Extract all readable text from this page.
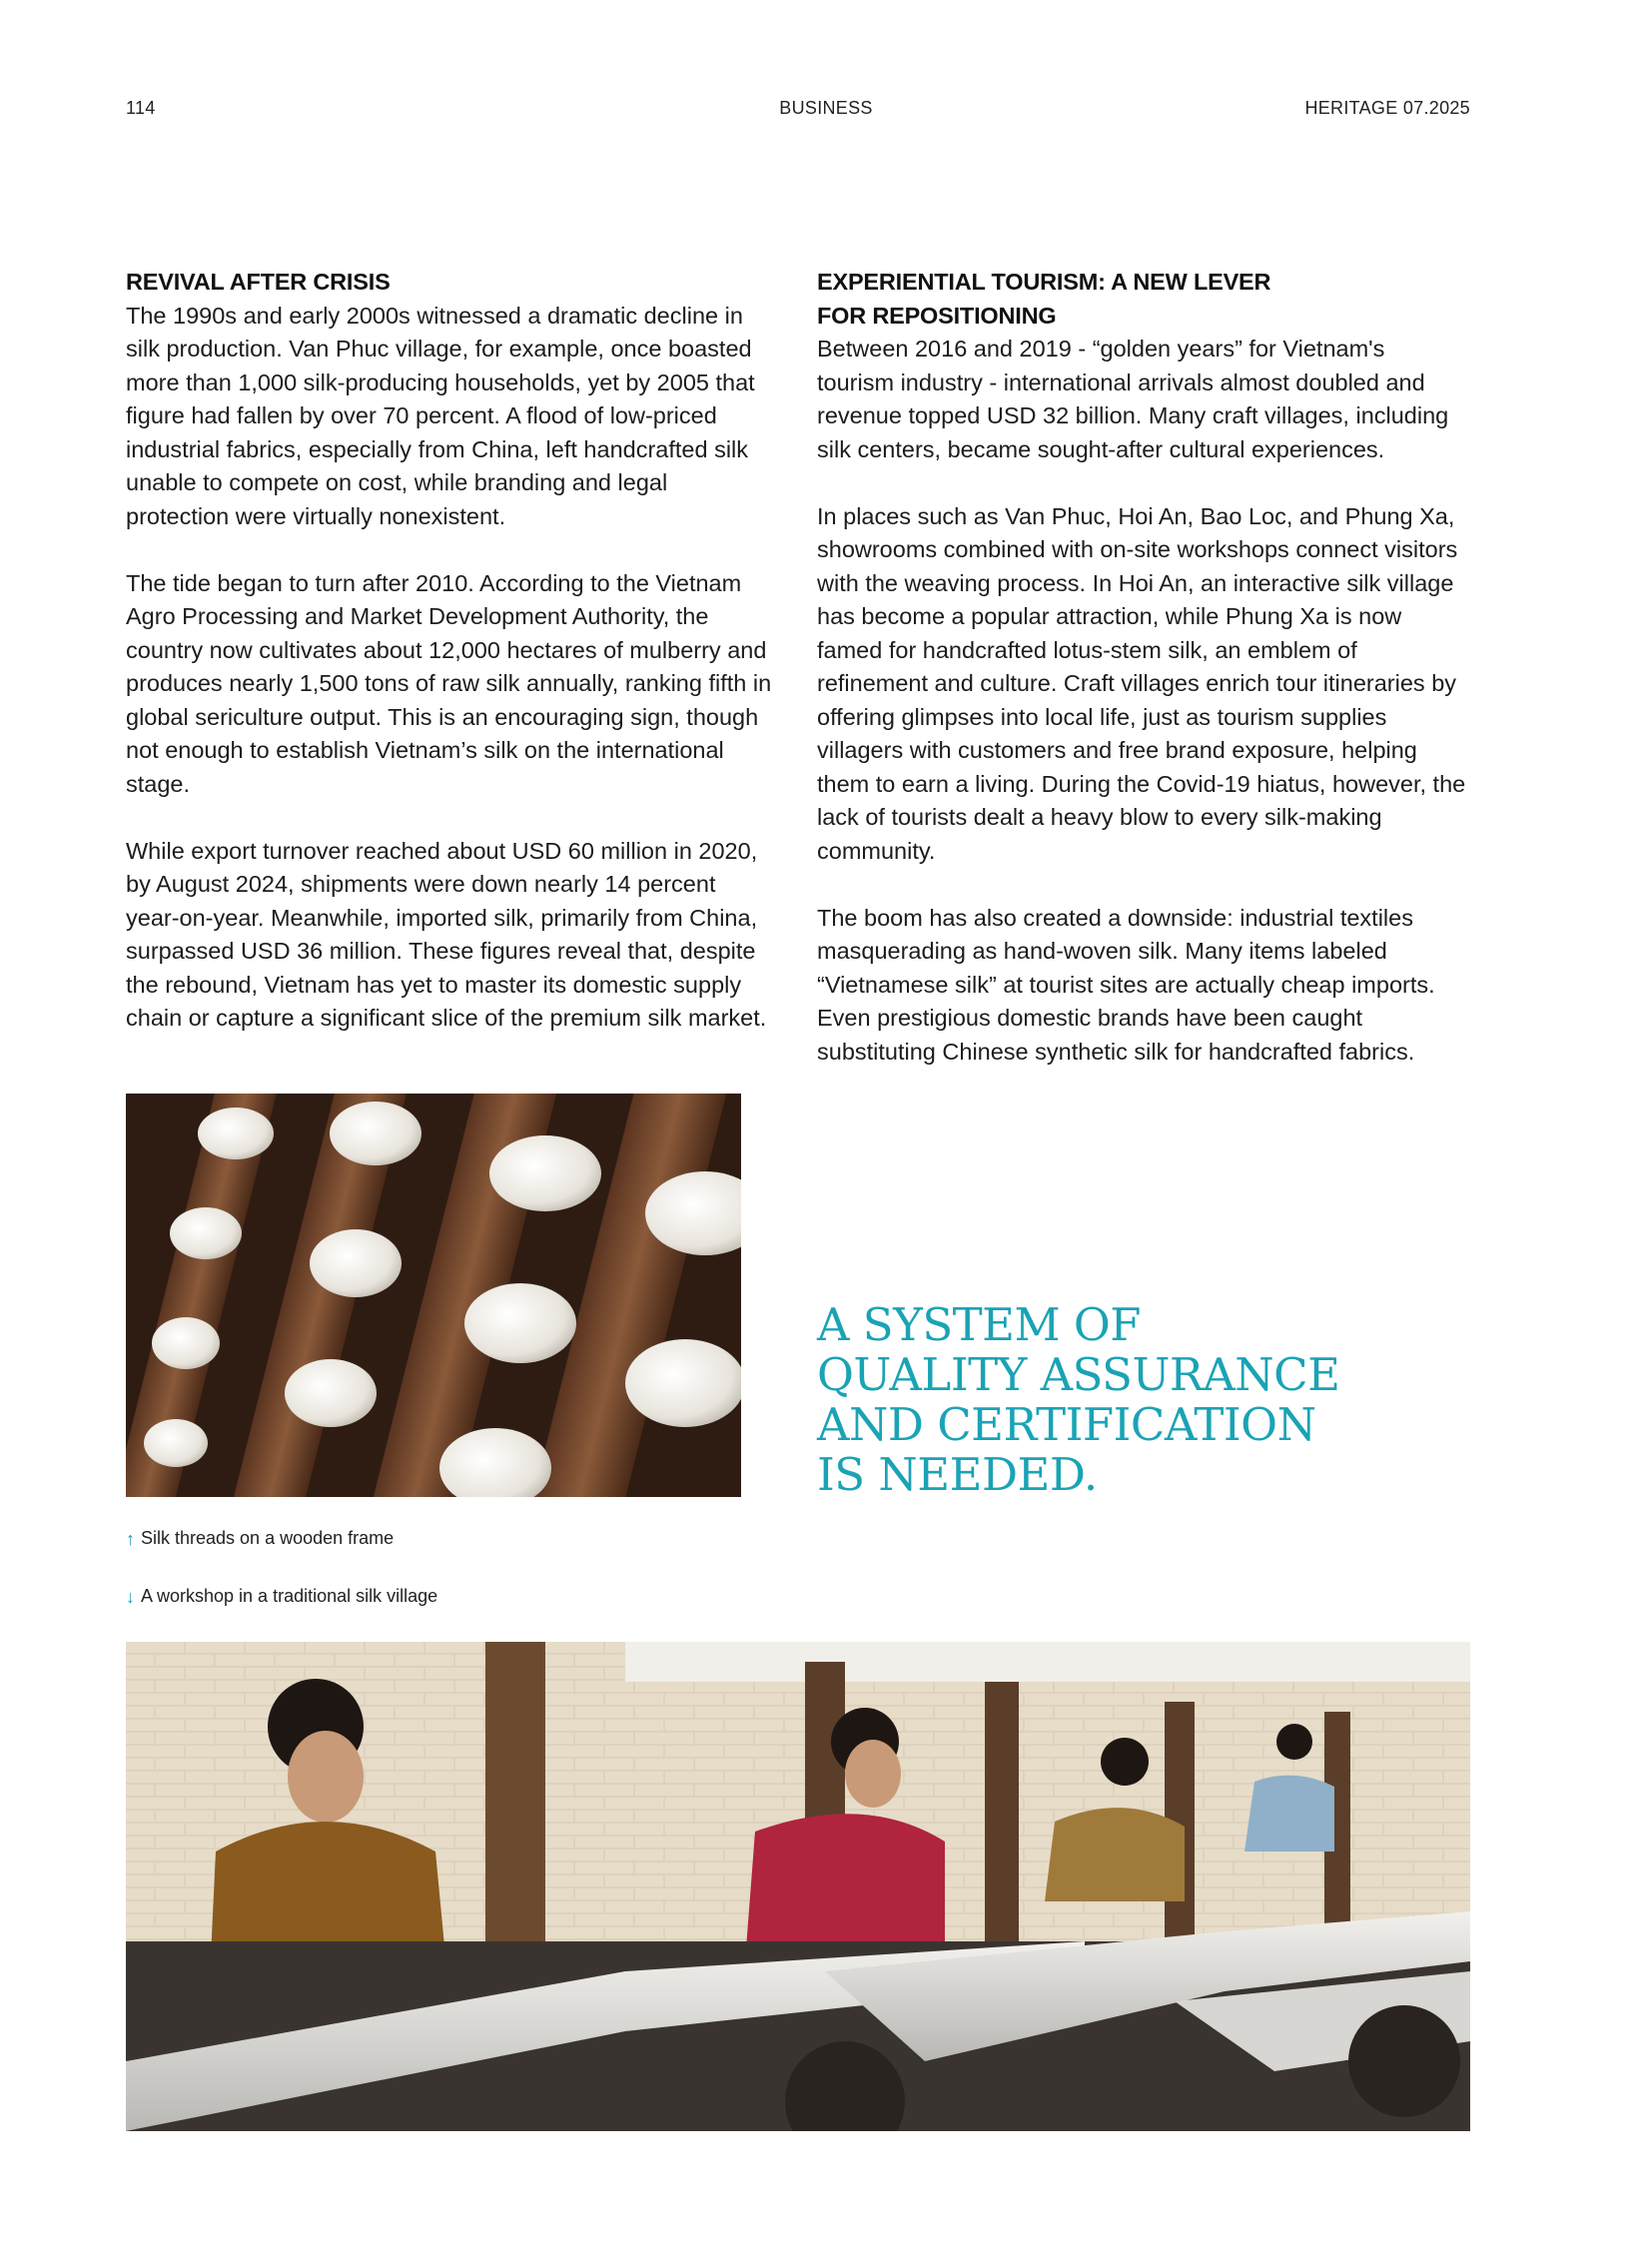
114	BUSINESS	HERITAGE 07.2025
REVIVAL AFTER CRISIS

The 1990s and early 2000s witnessed a dramatic decline in silk production. Van Phuc village, for example, once boasted more than 1,000 silk-producing households, yet by 2005 that figure had fallen by over 70 percent. A flood of low-priced industrial fabrics, especially from China, left handcrafted silk unable to compete on cost, while branding and legal protection were virtually nonexistent.

The tide began to turn after 2010. According to the Vietnam Agro Processing and Market Development Authority, the country now cultivates about 12,000 hectares of mulberry and produces nearly 1,500 tons of raw silk annually, ranking fifth in global sericulture output. This is an encouraging sign, though not enough to establish Vietnam’s silk on the international stage.

While export turnover reached about USD 60 million in 2020, by August 2024, shipments were down nearly 14 percent year-on-year. Meanwhile, imported silk, primarily from China, surpassed USD 36 million. These figures reveal that, despite the rebound, Vietnam has yet to master its domestic supply chain or capture a significant slice of the premium silk market.

EXPERIENTIAL TOURISM: A NEW LEVER
FOR REPOSITIONING

Between 2016 and 2019 - “golden years” for Vietnam's tourism industry - international arrivals almost doubled and revenue topped USD 32 billion. Many craft villages, including silk centers, became sought-after cultural experiences.

In places such as Van Phuc, Hoi An, Bao Loc, and Phung Xa, showrooms combined with on-site workshops connect visitors with the weaving process. In Hoi An, an interactive silk village has become a popular attraction, while Phung Xa is now famed for handcrafted lotus-stem silk, an emblem of refinement and culture. Craft villages enrich tour itineraries by offering glimpses into local life, just as tourism supplies villagers with customers and free brand exposure, helping them to earn a living. During the Covid-19 hiatus, however, the lack of tourists dealt a heavy blow to every silk-making community.

The boom has also created a downside: industrial textiles masquerading as hand-woven silk. Many items labeled “Vietnamese silk” at tourist sites are actually cheap imports. Even prestigious domestic brands have been caught substituting Chinese synthetic silk for handcrafted fabrics.

A SYSTEM OF
QUALITY ASSURANCE
AND CERTIFICATION
IS NEEDED.
↑ Silk threads on a wooden frame
↓ A workshop in a traditional silk village
